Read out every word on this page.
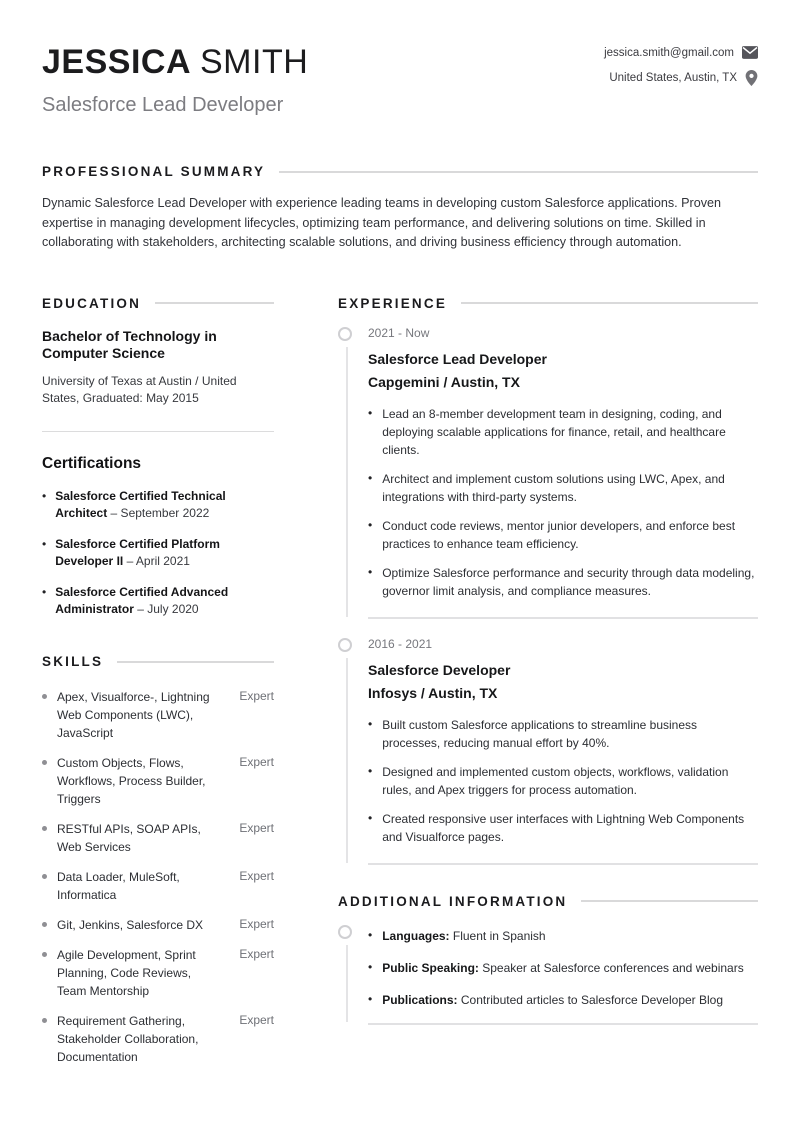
JESSICA SMITH
Salesforce Lead Developer
jessica.smith@gmail.com
United States, Austin, TX
PROFESSIONAL SUMMARY

Dynamic Salesforce Lead Developer with experience leading teams in developing custom Salesforce applications. Proven expertise in managing development lifecycles, optimizing team performance, and delivering solutions on time. Skilled in collaborating with stakeholders, architecting scalable solutions, and driving business efficiency through automation.

EDUCATION
Bachelor of Technology in Computer Science
University of Texas at Austin / United States, Graduated: May 2015
Certifications
• Salesforce Certified Technical Architect – September 2022
• Salesforce Certified Platform Developer II – April 2021
• Salesforce Certified Advanced Administrator – July 2020
SKILLS
Apex, Visualforce-, Lightning Web Components (LWC), JavaScript
Expert
Custom Objects, Flows, Workflows, Process Builder, Triggers
Expert
RESTful APIs, SOAP APIs, Web Services
Expert
Data Loader, MuleSoft, Informatica
Expert
Git, Jenkins, Salesforce DX	Expert
Agile Development, Sprint Planning, Code Reviews, Team Mentorship
Expert
Requirement Gathering, Stakeholder Collaboration, Documentation
Expert
EXPERIENCE
2021 - Now
Salesforce Lead Developer
Capgemini / Austin, TX
• Lead an 8-member development team in designing, coding, and deploying scalable applications for finance, retail, and healthcare clients.
• Architect and implement custom solutions using LWC, Apex, and integrations with third-party systems.
• Conduct code reviews, mentor junior developers, and enforce best practices to enhance team efficiency.
• Optimize Salesforce performance and security through data modeling, governor limit analysis, and compliance measures.
2016 - 2021
Salesforce Developer
Infosys / Austin, TX
• Built custom Salesforce applications to streamline business processes, reducing manual effort by 40%.
• Designed and implemented custom objects, workflows, validation rules, and Apex triggers for process automation.
• Created responsive user interfaces with Lightning Web Components and Visualforce pages.
ADDITIONAL INFORMATION
• Languages: Fluent in Spanish
• Public Speaking: Speaker at Salesforce conferences and webinars
• Publications: Contributed articles to Salesforce Developer Blog
